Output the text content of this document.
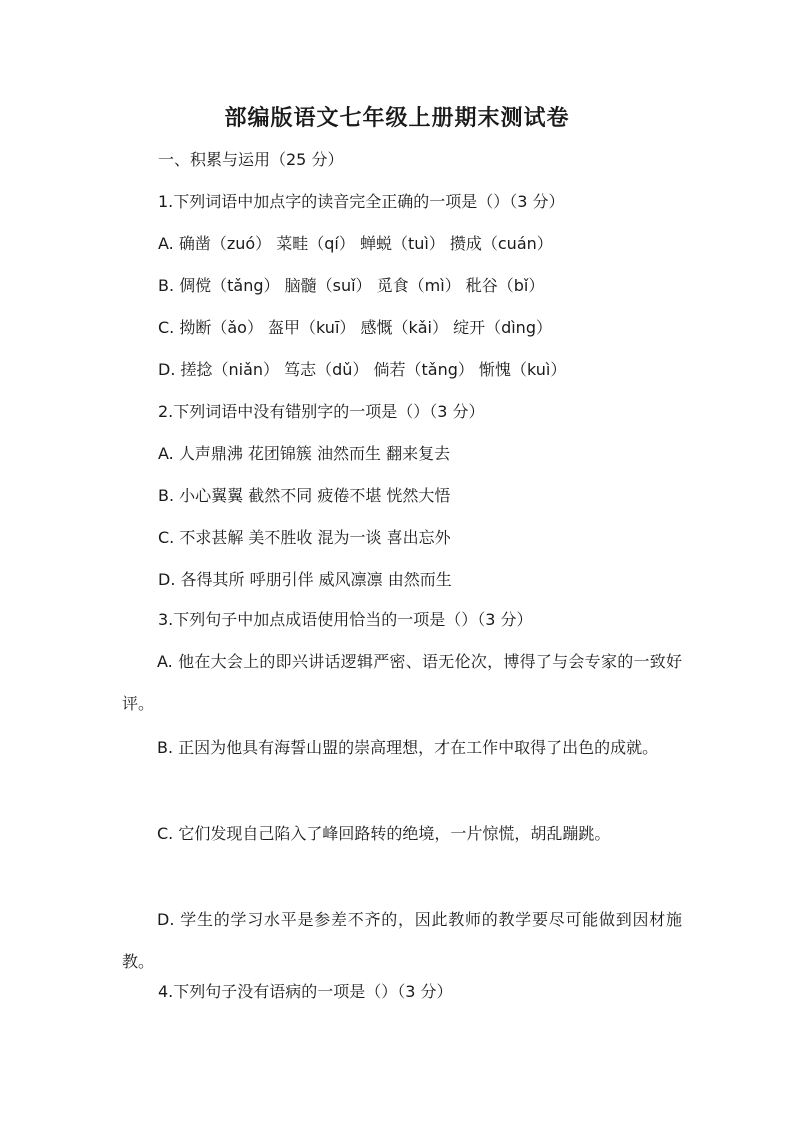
部编版语文七年级上册期末测试卷
一、积累与运用（25 分）
1.下列词语中加点字的读音完全正确的一项是（）（3 分）
A. 确凿（zuó） 菜畦（qí） 蝉蜕（tuì） 攒成（cuán）
B. 倜傥（tǎng） 脑髓（suǐ） 觅食（mì） 秕谷（bǐ）
C. 拗断（ǎo） 盔甲（kuī） 感慨（kǎi） 绽开（dìng）
D. 搓捻（niǎn） 笃志（dǔ） 倘若（tǎng） 惭愧（kuì）
2.下列词语中没有错别字的一项是（）（3 分）
A. 人声鼎沸 花团锦簇 油然而生 翻来复去
B. 小心翼翼 截然不同 疲倦不堪 恍然大悟
C. 不求甚解 美不胜收 混为一谈 喜出忘外
D. 各得其所 呼朋引伴 威风凛凛 由然而生
3.下列句子中加点成语使用恰当的一项是（）（3 分）
A. 他在大会上的即兴讲话逻辑严密、语无伦次，博得了与会专家的一致好评。
B. 正因为他具有海誓山盟的崇高理想，才在工作中取得了出色的成就。
C. 它们发现自己陷入了峰回路转的绝境，一片惊慌，胡乱蹦跳。
D. 学生的学习水平是参差不齐的，因此教师的教学要尽可能做到因材施教。
4.下列句子没有语病的一项是（）（3 分）
